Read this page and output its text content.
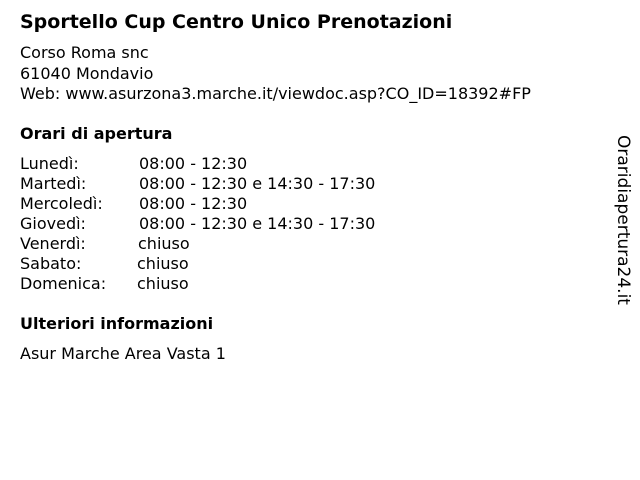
Sportello Cup Centro Unico Prenotazioni
Corso Roma snc
61040 Mondavio
Web: www.asurzona3.marche.it/viewdoc.asp?CO_ID=18392#FP
Orari di apertura
Lunedì:	08:00 - 12:30
Martedì:	08:00 - 12:30 e 14:30 - 17:30
Mercoledì: 08:00 - 12:30
Giovedì:	08:00 - 12:30 e 14:30 - 17:30
Venerdì:	chiuso
Sabato:	chiuso
Domenica: chiuso
Ulteriori informazioni
Asur Marche Area Vasta 1
Oraridiapertura24.it
